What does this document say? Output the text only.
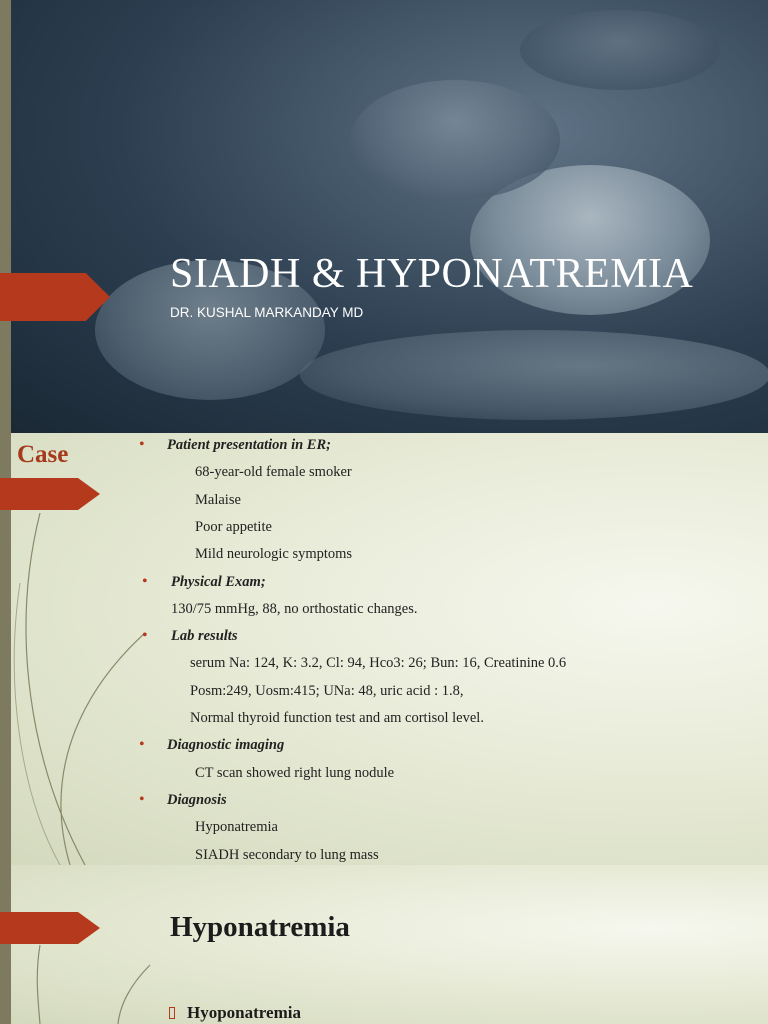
SIADH & HYPONATREMIA
DR. KUSHAL MARKANDAY MD
Case	• Patient presentation in ER;
68-year-old female smoker
Malaise
Poor appetite
Mild neurologic symptoms
• Physical Exam;
130/75 mmHg, 88, no orthostatic changes.
• Lab results
serum Na: 124, K: 3.2, Cl: 94, Hco3: 26; Bun: 16, Creatinine 0.6
Posm:249, Uosm:415; UNa: 48, uric acid : 1.8,
Normal thyroid function test and am cortisol level.
• Diagnostic imaging
CT scan showed right lung nodule
• Diagnosis
Hyponatremia
SIADH secondary to lung mass
Hyponatremia
Hyoponatremia
